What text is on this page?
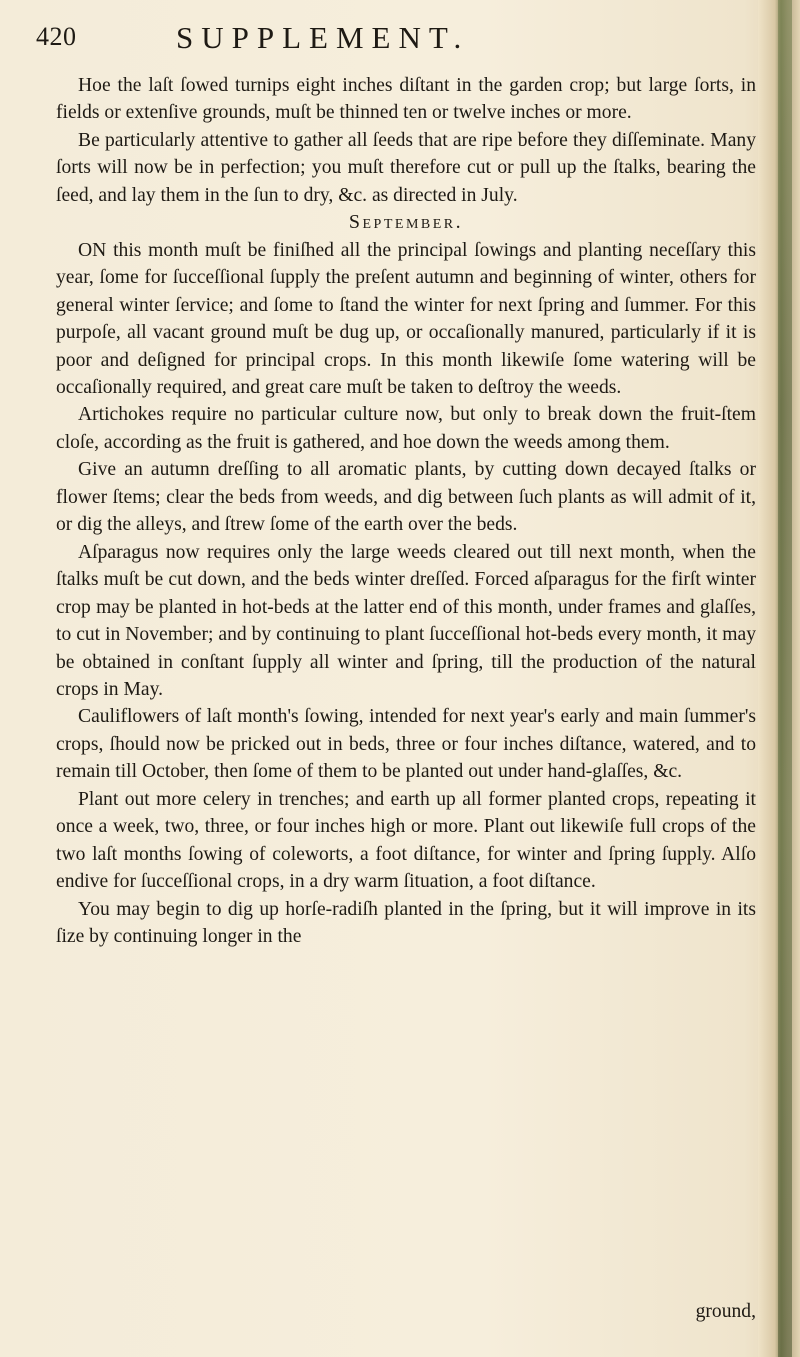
420	SUPPLEMENT.

Hoe the laſt ſowed turnips eight inches diſtant in the garden crop; but large ſorts, in fields or extenſive grounds, muſt be thinned ten or twelve inches or more.

Be particularly attentive to gather all ſeeds that are ripe before they diſſeminate. Many ſorts will now be in perfection; you muſt therefore cut or pull up the ſtalks, bearing the ſeed, and lay them in the ſun to dry, &c. as directed in July.

September.

ON this month muſt be finiſhed all the principal ſowings and planting neceſſary this year, ſome for ſucceſſional ſupply the preſent autumn and beginning of winter, others for general winter ſervice; and ſome to ſtand the winter for next ſpring and ſummer. For this purpoſe, all vacant ground muſt be dug up, or occaſionally manured, particularly if it is poor and deſigned for principal crops. In this month likewiſe ſome watering will be occaſionally required, and great care muſt be taken to deſtroy the weeds.

Artichokes require no particular culture now, but only to break down the fruit-ſtem cloſe, according as the fruit is gathered, and hoe down the weeds among them.

Give an autumn dreſſing to all aromatic plants, by cutting down decayed ſtalks or flower ſtems; clear the beds from weeds, and dig between ſuch plants as will admit of it, or dig the alleys, and ſtrew ſome of the earth over the beds.

Aſparagus now requires only the large weeds cleared out till next month, when the ſtalks muſt be cut down, and the beds winter dreſſed. Forced aſparagus for the firſt winter crop may be planted in hot-beds at the latter end of this month, under frames and glaſſes, to cut in November; and by continuing to plant ſucceſſional hot-beds every month, it may be obtained in conſtant ſupply all winter and ſpring, till the production of the natural crops in May.

Cauliflowers of laſt month's ſowing, intended for next year's early and main ſummer's crops, ſhould now be pricked out in beds, three or four inches diſtance, watered, and to remain till October, then ſome of them to be planted out under hand-glaſſes, &c.

Plant out more celery in trenches; and earth up all former planted crops, repeating it once a week, two, three, or four inches high or more. Plant out likewiſe full crops of the two laſt months ſowing of coleworts, a foot diſtance, for winter and ſpring ſupply. Alſo endive for ſucceſſional crops, in a dry warm ſituation, a foot diſtance.

You may begin to dig up horſe-radiſh planted in the ſpring, but it will improve in its ſize by continuing longer in the

ground,
